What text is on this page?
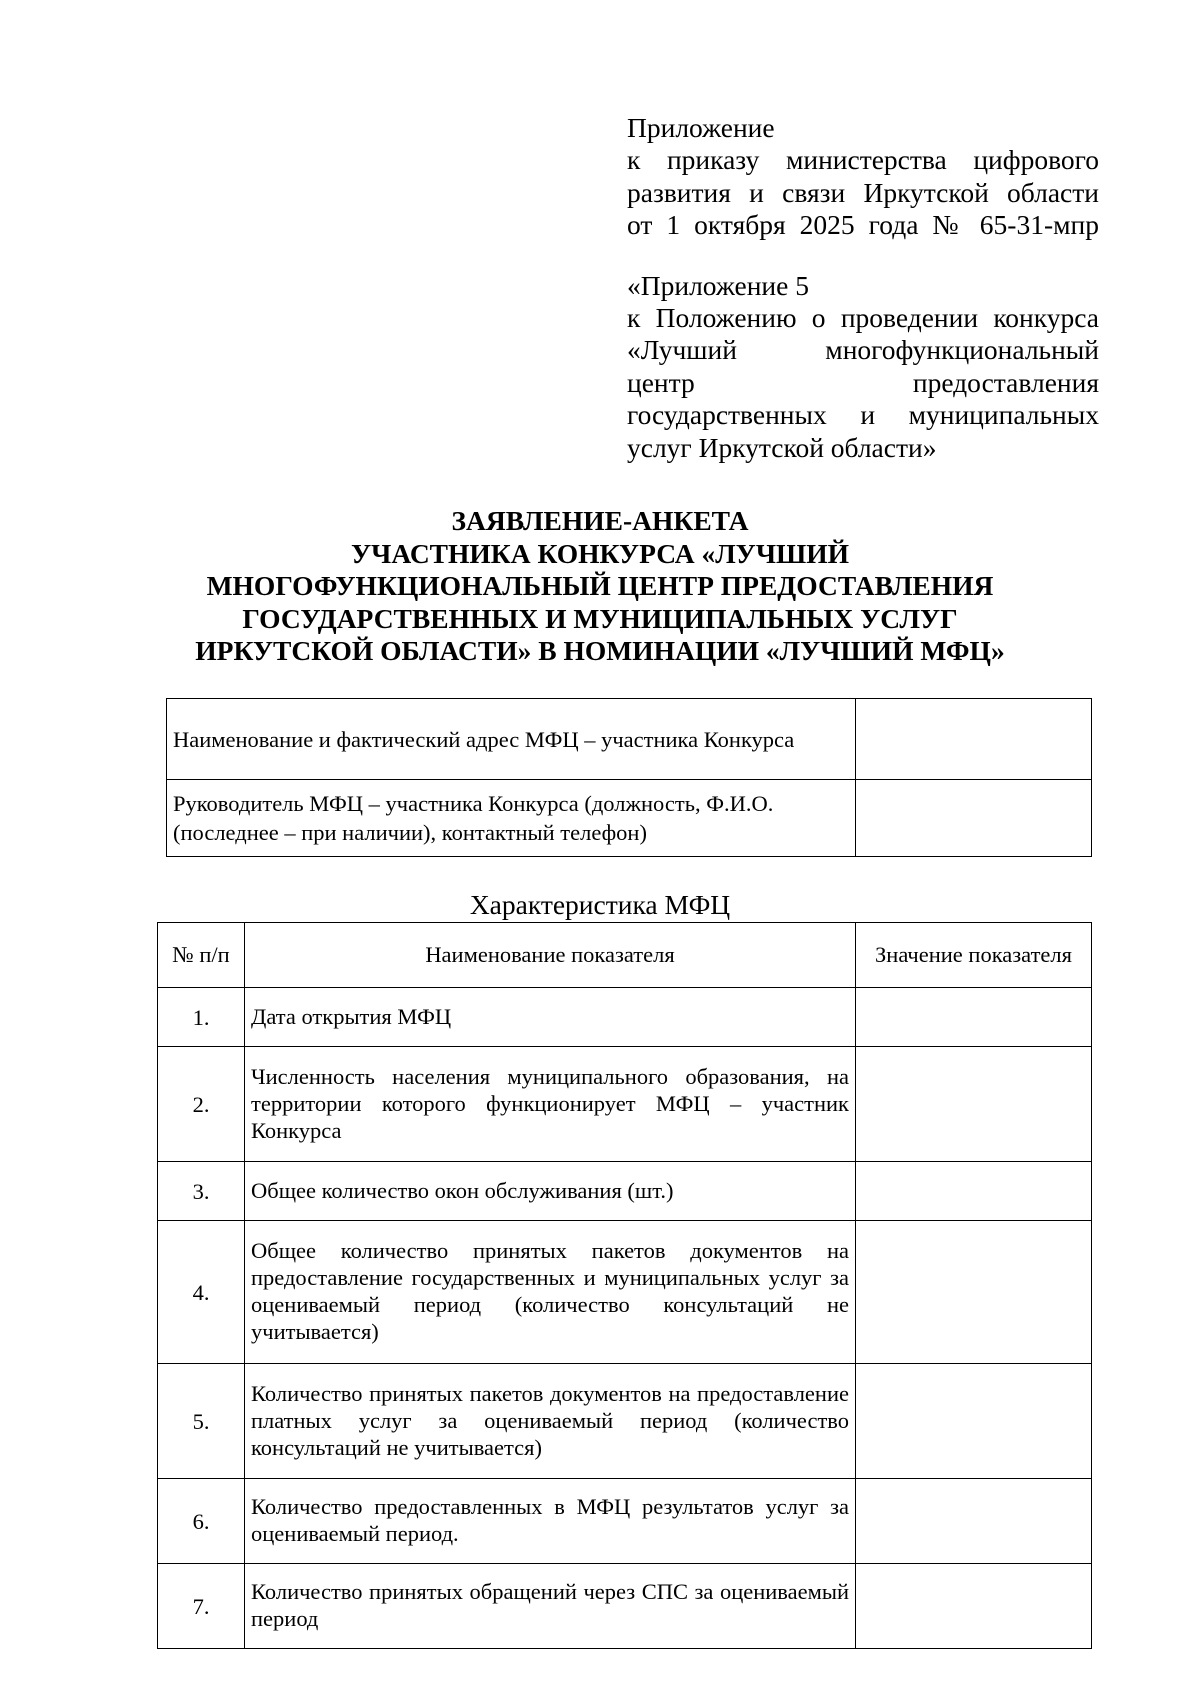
Приложение
к приказу министерства цифрового
развития и связи Иркутской области
от 1 октября 2025 года № 65-31-мпр
«Приложение 5
к Положению о проведении конкурса
«Лучший многофункциональный
центр предоставления
государственных и муниципальных
услуг Иркутской области»
ЗАЯВЛЕНИЕ-АНКЕТА
УЧАСТНИКА КОНКУРСА «ЛУЧШИЙ
МНОГОФУНКЦИОНАЛЬНЫЙ ЦЕНТР ПРЕДОСТАВЛЕНИЯ
ГОСУДАРСТВЕННЫХ И МУНИЦИПАЛЬНЫХ УСЛУГ
ИРКУТСКОЙ ОБЛАСТИ» В НОМИНАЦИИ «ЛУЧШИЙ МФЦ»
Наименование и фактический адрес МФЦ – участника Конкурса	
Руководитель МФЦ – участника Конкурса (должность, Ф.И.О. (последнее – при наличии), контактный телефон)	
Характеристика МФЦ
№ п/п	Наименование показателя	Значение показателя
1.	Дата открытия МФЦ	
2.	Численность населения муниципального образования, на территории которого функционирует МФЦ – участник Конкурса	
3.	Общее количество окон обслуживания (шт.)	
4.	Общее количество принятых пакетов документов на предоставление государственных и муниципальных услуг за оцениваемый период (количество консультаций не учитывается)	
5.	Количество принятых пакетов документов на предоставление платных услуг за оцениваемый период (количество консультаций не учитывается)	
6.	Количество предоставленных в МФЦ результатов услуг за оцениваемый период.	
7.	Количество принятых обращений через СПС за оцениваемый период	
